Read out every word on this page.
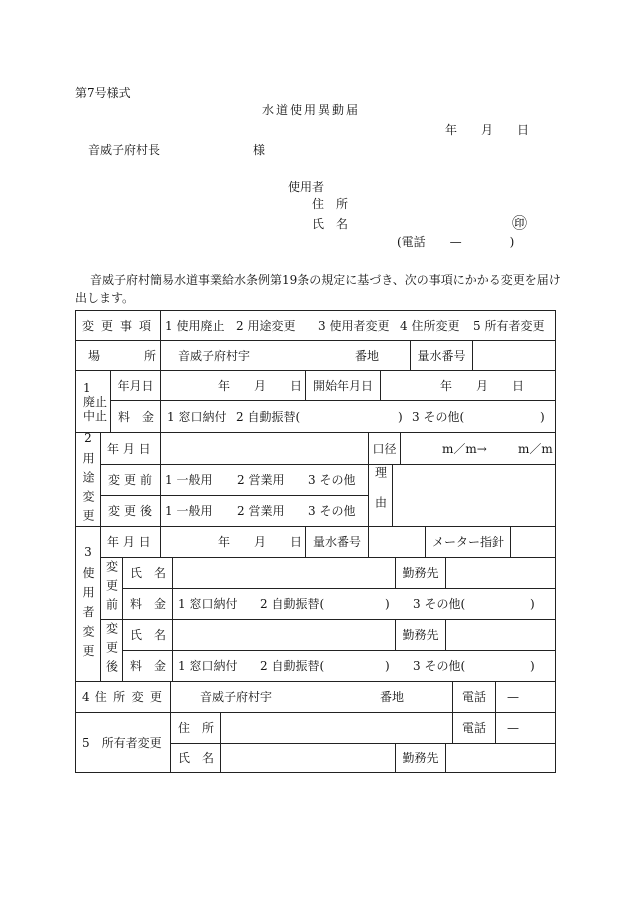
第7号様式
水道使用異動届
年　　月　　日
音威子府村長	様
使用者
住　所
氏　名	㊞
(電話　　—　　　　)
音威子府村簡易水道事業給水条例第19条の規定に基づき、次の事項にかかる変更を届け
出します。
変 更 事 項 1 使用廃止 2 用途変更 3 使用者変更 4 住所変更 5 所有者変更
場　　所 音威子府村宇	番地	量水番号
1
廃止
中止
年月日	年　　月　　日 開始年月日	年　　月　　日
料　金 1 窓口納付 2 自動振替(	) 3 その他(	)
2用途変更 年 月 日	口径	m／m→	m／m
変 更 前 1 一般用 2 営業用 3 その他 理由
変 更 後 1 一般用 2 営業用 3 その他
3使用者変更
年 月 日	年　　月　　日 量水番号	メーター指針
変更前 氏　名	勤務先
料　金 1 窓口納付 2 自動振替(	) 3 その他(	)
変更後 氏　名	勤務先
料　金 1 窓口納付 2 自動振替(	) 3 その他(	)
4 住 所 変 更	音威子府村宇	番地	電話 —
5　所有者変更
住　所	電話 —
氏　名	勤務先
